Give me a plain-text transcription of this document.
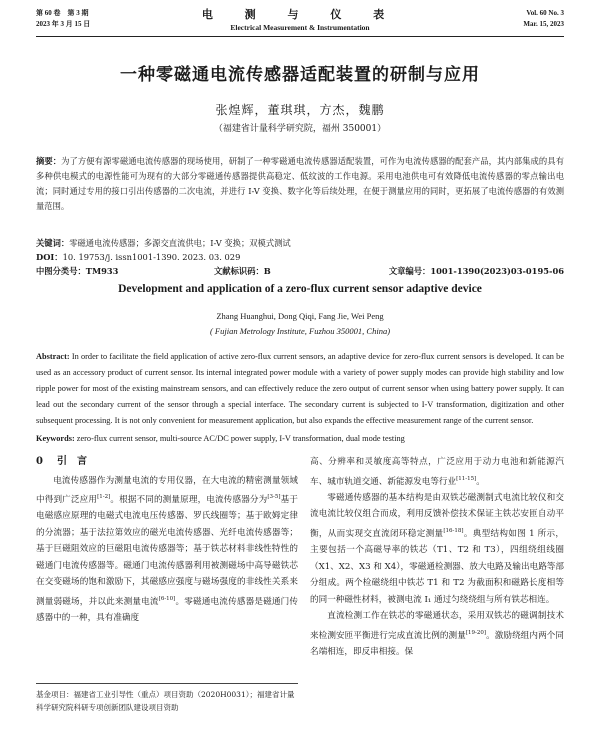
第 60 卷　第 3 期
2023 年 3 月 15 日
电 测 与 仪 表
Electrical Measurement & Instrumentation
Vol. 60 No. 3
Mar. 15, 2023
一种零磁通电流传感器适配装置的研制与应用
张煌辉，董琪琪，方杰，魏鹏
（福建省计量科学研究院，福州 350001）
摘要：为了方便有源零磁通电流传感器的现场使用，研制了一种零磁通电流传感器适配装置，可作为电流传感器的配套产品，其内部集成的具有多种供电模式的电源性能可为现有的大部分零磁通传感器提供高稳定、低纹波的工作电源。采用电池供电可有效降低电流传感器的零点输出电流；同时通过专用的接口引出传感器的二次电流，并进行 I-V 变换、数字化等后续处理，在便于测量应用的同时，更拓展了电流传感器的有效测量范围。
关键词：零磁通电流传感器；多源交直流供电；I-V 变换；双模式测试
DOI：10. 19753/j. issn1001-1390. 2023. 03. 029
中图分类号：TM933	文献标识码：B	文章编号：1001-1390(2023)03-0195-06
Development and application of a zero-flux current sensor adaptive device
Zhang Huanghui, Dong Qiqi, Fang Jie, Wei Peng
( Fujian Metrology Institute, Fuzhou 350001, China)
Abstract: In order to facilitate the field application of active zero-flux current sensors, an adaptive device for zero-flux current sensors is developed. It can be used as an accessory product of current sensor. Its internal integrated power module with a variety of power supply modes can provide high stability and low ripple power for most of the existing mainstream sensors, and can effectively reduce the zero output of current sensor when using battery power supply. It can lead out the secondary current of the sensor through a special interface. The secondary current is subjected to I-V transformation, digitization and other subsequent processing. It is not only convenient for measurement application, but also expands the effective measurement range of the current sensor.
Keywords: zero-flux current sensor, multi-source AC/DC power supply, I-V transformation, dual mode testing
0 引　言

电流传感器作为测量电流的专用仪器，在大电流的精密测量领域中得到广泛应用[1-2]。根据不同的测量原理，电流传感器分为[3-5]基于电磁感应原理的电磁式电流电压传感器、罗氏线圈等；基于欧姆定律的分流器；基于法拉第效应的磁光电流传感器、光纤电流传感器等；基于巨磁阻效应的巨磁阻电流传感器等；基于铁芯材料非线性特性的磁通门电流传感器等。磁通门电流传感器利用被测磁场中高导磁铁芯在交变磁场的饱和激励下，其磁感应强度与磁场强度的非线性关系来测量弱磁场，并以此来测量电流[6-10]。零磁通电流传感器是磁通门传感器中的一种，具有准确度

高、分辨率和灵敏度高等特点，广泛应用于动力电池和新能源汽车、城市轨道交通、新能源发电等行业[11-15]。

零磁通传感器的基本结构是由双铁芯磁测制式电流比较仪和交流电流比较仪组合而成，利用反馈补偿技术保证主铁芯安匝自动平衡，从而实现交直流闭环稳定测量[16-18]。典型结构如图 1 所示，主要包括一个高磁导率的铁芯（T1、T2 和 T3），四组绕组线圈（X1、X2、X3 和 X4），零磁通检测器、放大电路及输出电路等部分组成。两个检磁绕组中铁芯 T1 和 T2 为截面积和磁路长度相等的同一种磁性材料，被测电流 I₁ 通过匀绕绕组与所有铁芯相连。

直流检测工作在铁芯的零磁通状态，采用双铁芯的磁调制技术来检测安匝平衡进行完成直流比例的测量[19-20]。激励绕组内两个同名端相连，即反串相接。保

基金项目：福建省工业引导性（重点）项目资助（2020H0031）；福建省计量科学研究院科研专项创新团队建设项目资助
